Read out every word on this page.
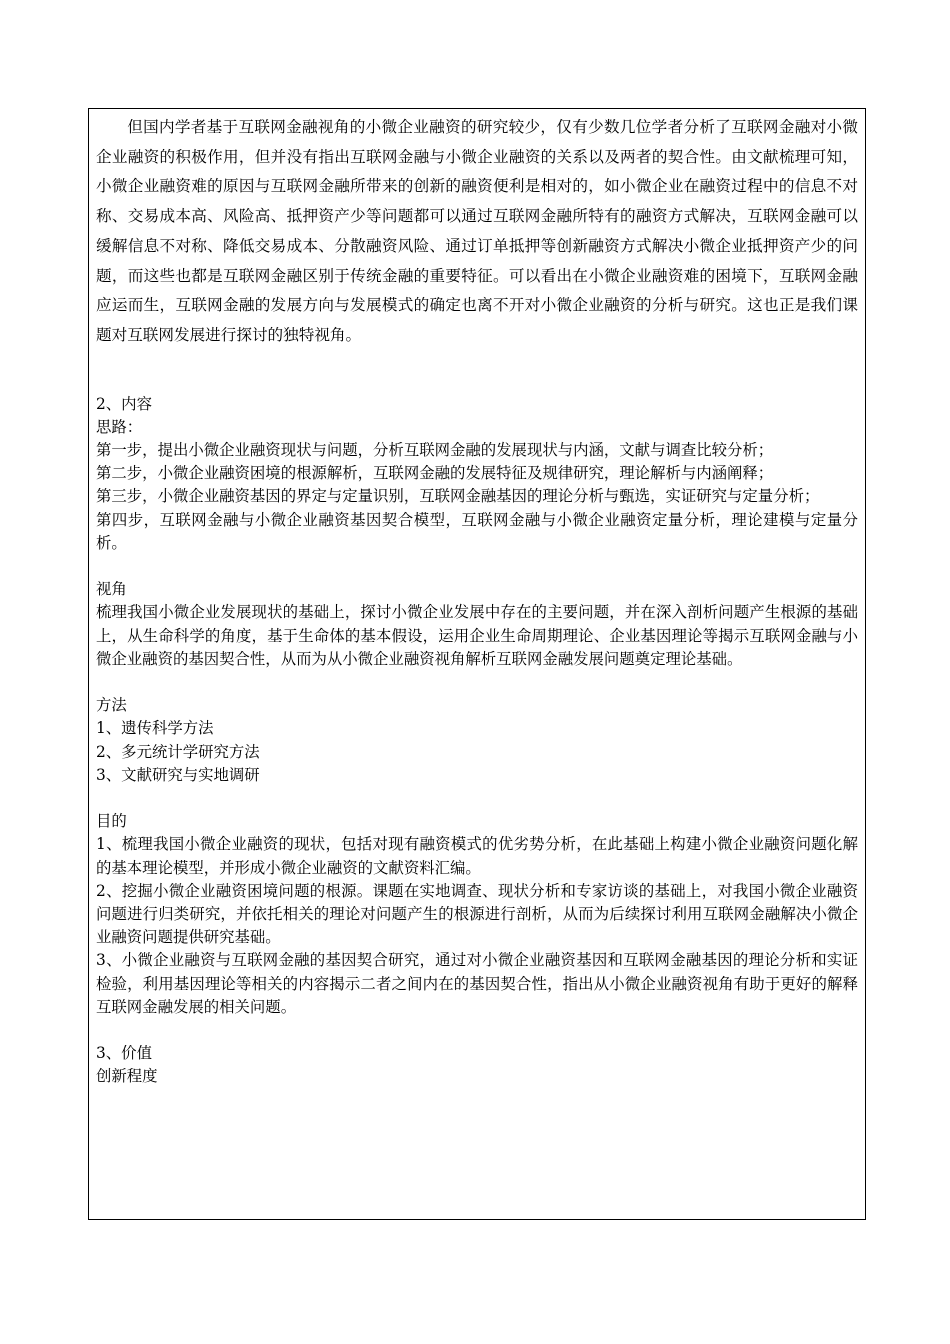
但国内学者基于互联网金融视角的小微企业融资的研究较少，仅有少数几位学者分析了互联网金融对小微企业融资的积极作用，但并没有指出互联网金融与小微企业融资的关系以及两者的契合性。由文献梳理可知，小微企业融资难的原因与互联网金融所带来的创新的融资便利是相对的，如小微企业在融资过程中的信息不对称、交易成本高、风险高、抵押资产少等问题都可以通过互联网金融所特有的融资方式解决，互联网金融可以缓解信息不对称、降低交易成本、分散融资风险、通过订单抵押等创新融资方式解决小微企业抵押资产少的问题，而这些也都是互联网金融区别于传统金融的重要特征。可以看出在小微企业融资难的困境下，互联网金融应运而生，互联网金融的发展方向与发展模式的确定也离不开对小微企业融资的分析与研究。这也正是我们课题对互联网发展进行探讨的独特视角。

2、内容

思路：

第一步，提出小微企业融资现状与问题，分析互联网金融的发展现状与内涵，文献与调查比较分析；

第二步，小微企业融资困境的根源解析，互联网金融的发展特征及规律研究，理论解析与内涵阐释；

第三步，小微企业融资基因的界定与定量识别，互联网金融基因的理论分析与甄选，实证研究与定量分析；

第四步，互联网金融与小微企业融资基因契合模型，互联网金融与小微企业融资定量分析，理论建模与定量分析。

视角

梳理我国小微企业发展现状的基础上，探讨小微企业发展中存在的主要问题，并在深入剖析问题产生根源的基础上，从生命科学的角度，基于生命体的基本假设，运用企业生命周期理论、企业基因理论等揭示互联网金融与小微企业融资的基因契合性，从而为从小微企业融资视角解析互联网金融发展问题奠定理论基础。

方法

1、遗传科学方法

2、多元统计学研究方法

3、文献研究与实地调研

目的

1、梳理我国小微企业融资的现状，包括对现有融资模式的优劣势分析，在此基础上构建小微企业融资问题化解的基本理论模型，并形成小微企业融资的文献资料汇编。

2、挖掘小微企业融资困境问题的根源。课题在实地调查、现状分析和专家访谈的基础上，对我国小微企业融资问题进行归类研究，并依托相关的理论对问题产生的根源进行剖析，从而为后续探讨利用互联网金融解决小微企业融资问题提供研究基础。

3、小微企业融资与互联网金融的基因契合研究，通过对小微企业融资基因和互联网金融基因的理论分析和实证检验，利用基因理论等相关的内容揭示二者之间内在的基因契合性，指出从小微企业融资视角有助于更好的解释互联网金融发展的相关问题。

3、价值

创新程度
